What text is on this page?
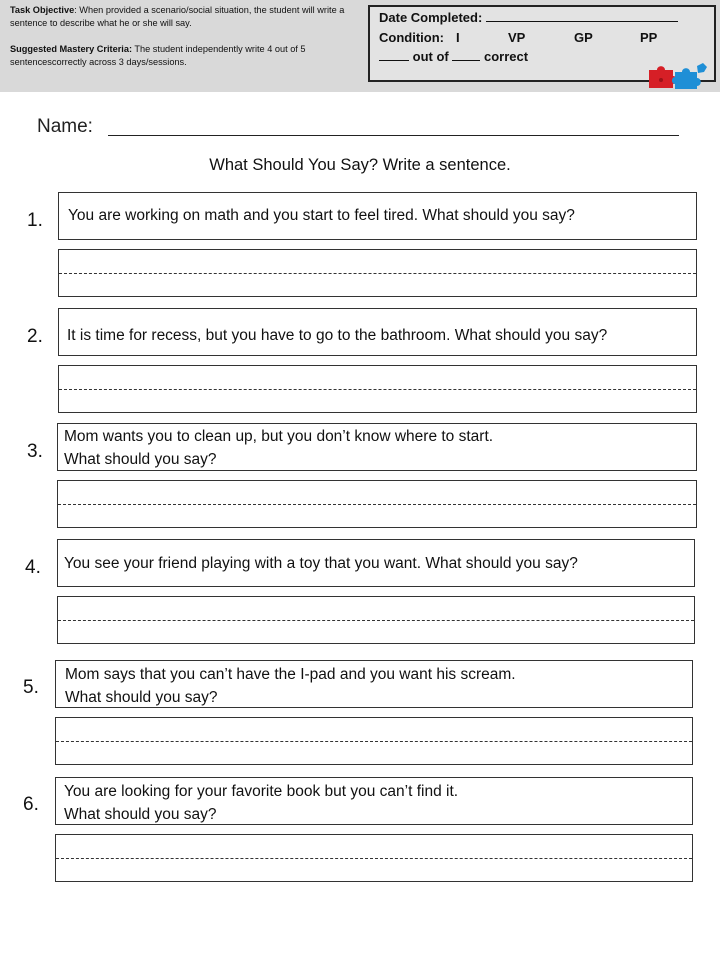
Task Objective: When provided a scenario/social situation, the student will write a sentence to describe what he or she will say.

Suggested Mastery Criteria: The student independently write 4 out of 5 sentencescorrectly across 3 days/sessions.

Date Completed:
Condition: I	VP	GP	PP
out of	correct
Name:
What Should You Say? Write a sentence.
1. You are working on math and you start to feel tired. What should you say?
2. It is time for recess, but you have to go to the bathroom. What should you say?
3.
Mom wants you to clean up, but you don’t know where to start.
What should you say?
4. You see your friend playing with a toy that you want. What should you say?
5.
Mom says that you can’t have the I-pad and you want his scream.
What should you say?
6.
You are looking for your favorite book but you can’t find it.
What should you say?
